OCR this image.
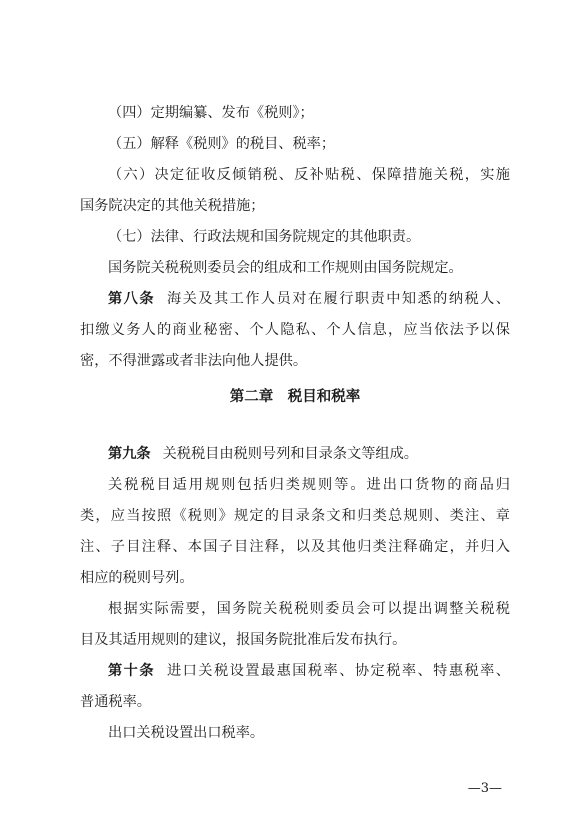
（四）定期编纂、发布《税则》；
（五）解释《税则》的税目、税率；
（六）决定征收反倾销税、反补贴税、保障措施关税，实施
国务院决定的其他关税措施；
（七）法律、行政法规和国务院规定的其他职责。
国务院关税税则委员会的组成和工作规则由国务院规定。
第八条 海关及其工作人员对在履行职责中知悉的纳税人、
扣缴义务人的商业秘密、个人隐私、个人信息，应当依法予以保
密，不得泄露或者非法向他人提供。
第二章　税目和税率
第九条 关税税目由税则号列和目录条文等组成。
关税税目适用规则包括归类规则等。进出口货物的商品归
类，应当按照《税则》规定的目录条文和归类总规则、类注、章
注、子目注释、本国子目注释，以及其他归类注释确定，并归入
相应的税则号列。
根据实际需要，国务院关税税则委员会可以提出调整关税税
目及其适用规则的建议，报国务院批准后发布执行。
第十条 进口关税设置最惠国税率、协定税率、特惠税率、
普通税率。
出口关税设置出口税率。
—3—
